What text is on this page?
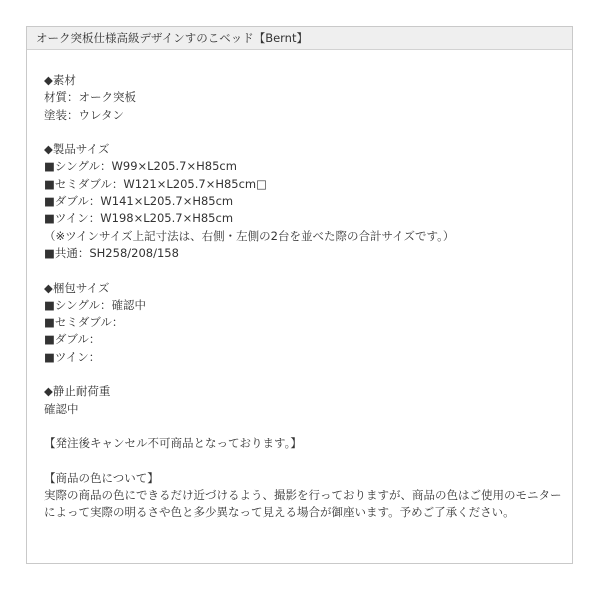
オーク突板仕様高級デザインすのこベッド【Bernt】
◆素材
材質：オーク突板
塗装：ウレタン
◆製品サイズ
■シングル：W99×L205.7×H85cm
■セミダブル：W121×L205.7×H85cm□
■ダブル：W141×L205.7×H85cm
■ツイン：W198×L205.7×H85cm
（※ツインサイズ上記寸法は、右側・左側の2台を並べた際の合計サイズです。）
■共通：SH258/208/158
◆梱包サイズ
■シングル：確認中
■セミダブル：
■ダブル：
■ツイン：
◆静止耐荷重
確認中
【発注後キャンセル不可商品となっております。】
【商品の色について】
実際の商品の色にできるだけ近づけるよう、撮影を行っておりますが、商品の色はご使用のモニターによって実際の明るさや色と多少異なって見える場合が御座います。予めご了承ください。
